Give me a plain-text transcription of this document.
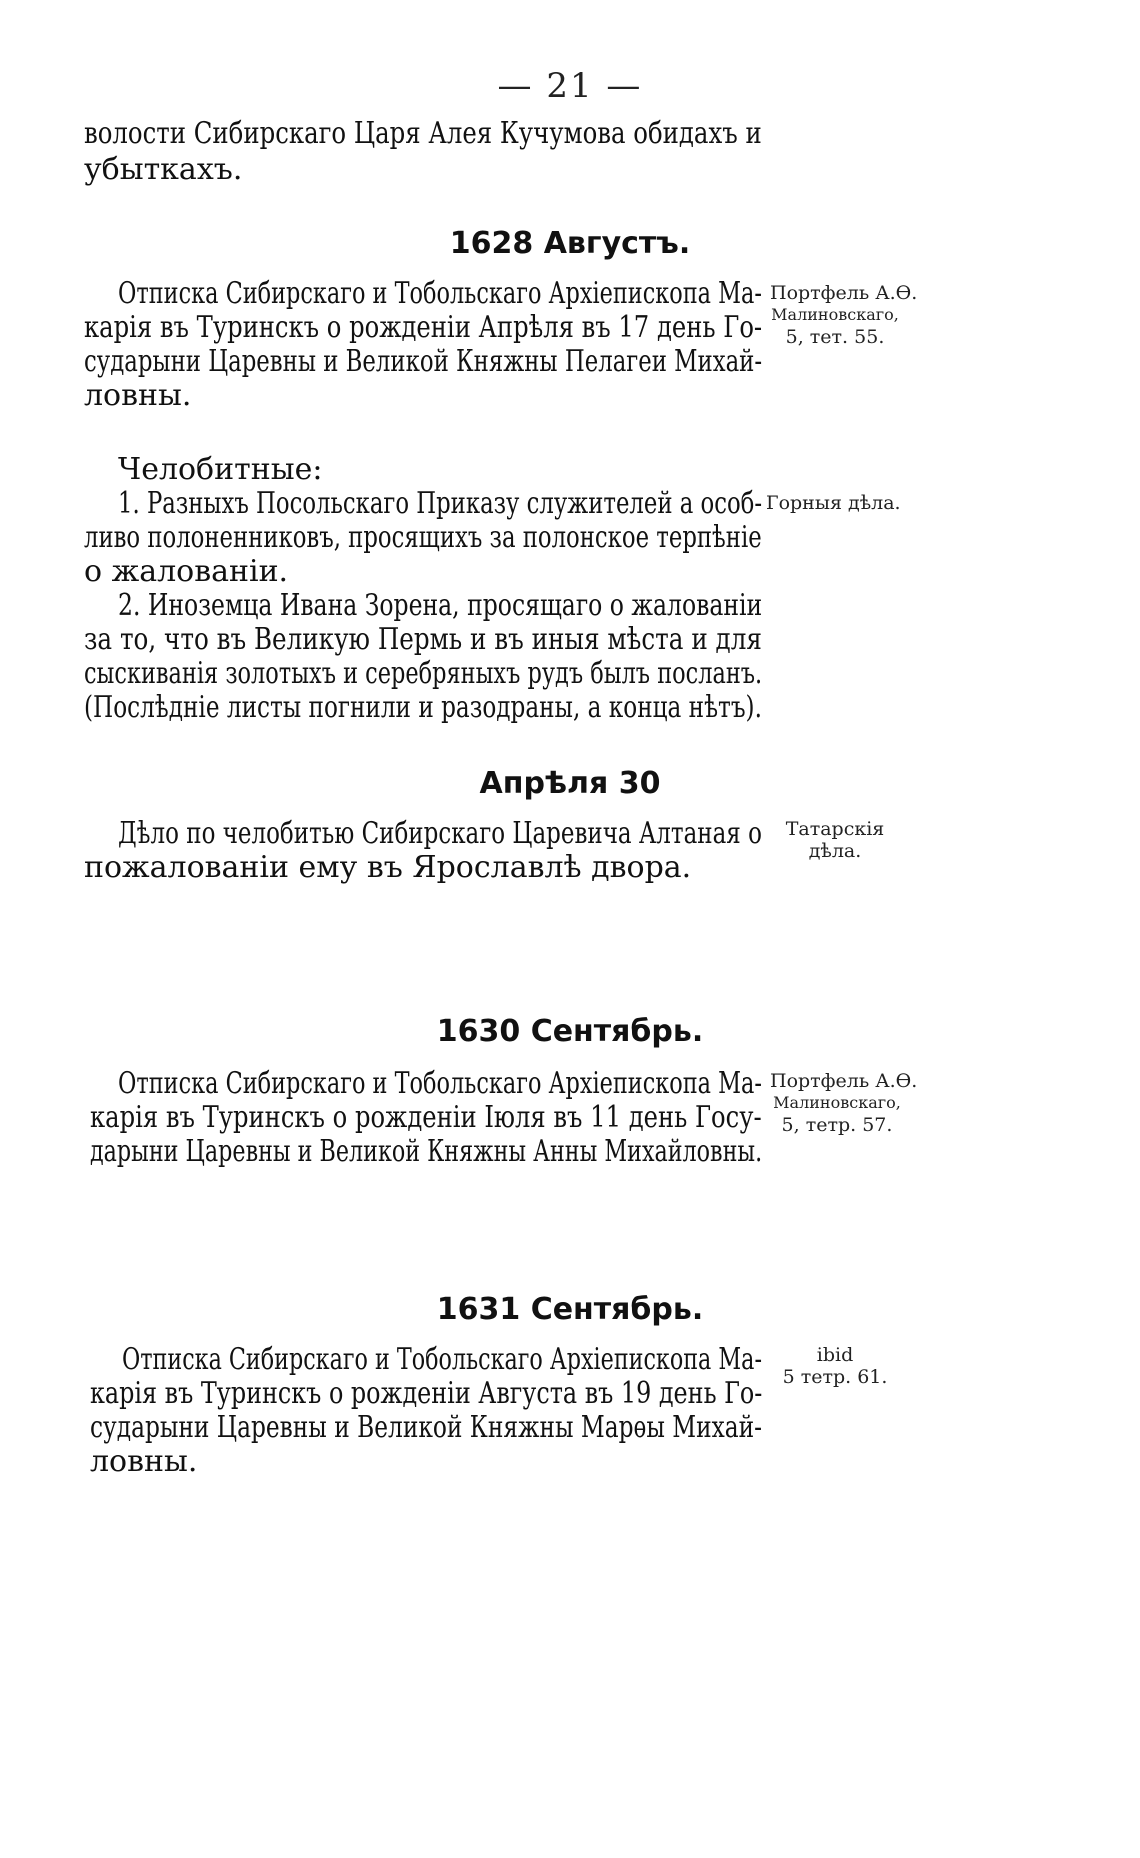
— 21 —
волости Сибирскаго Царя Алея Кучумова обидахъ и
убыткахъ.
1628 Августъ.
Отписка Сибирскаго и Тобольскаго Архіепископа Ма-
карія въ Туринскъ о рожденіи Апрѣля въ 17 день Го-
сударыни Царевны и Великой Княжны Пелагеи Михай-
ловны.
Портфель А.Ѳ.
Малиновскаго,
5, тет. 55.
Челобитные:
1. Разныхъ Посольскаго Приказу служителей а особ-
ливо полоненниковъ, просящихъ за полонское терпѣніе
о жалованіи.
Горныя дѣла.
2. Иноземца Ивана Зорена, просящаго о жалованіи
за то, что въ Великую Пермь и въ иныя мѣста и для
сыскиванія золотыхъ и серебряныхъ рудъ былъ посланъ.
(Послѣдніе листы погнили и разодраны, а конца нѣтъ).
Апрѣля 30
Дѣло по челобитью Сибирскаго Царевича Алтаная о
пожалованіи ему въ Ярославлѣ двора.
Татарскія
дѣла.
1630 Сентябрь.
Отписка Сибирскаго и Тобольскаго Архіепископа Ма-
карія въ Туринскъ о рожденіи Іюля въ 11 день Госу-
дарыни Царевны и Великой Княжны Анны Михайловны.
Портфель А.Ѳ.
Малиновскаго,
5, тетр. 57.
1631 Сентябрь.
Отписка Сибирскаго и Тобольскаго Архіепископа Ма-
карія въ Туринскъ о рожденіи Августа въ 19 день Го-
сударыни Царевны и Великой Княжны Марѳы Михай-
ловны.
ibid
5 тетр. 61.
